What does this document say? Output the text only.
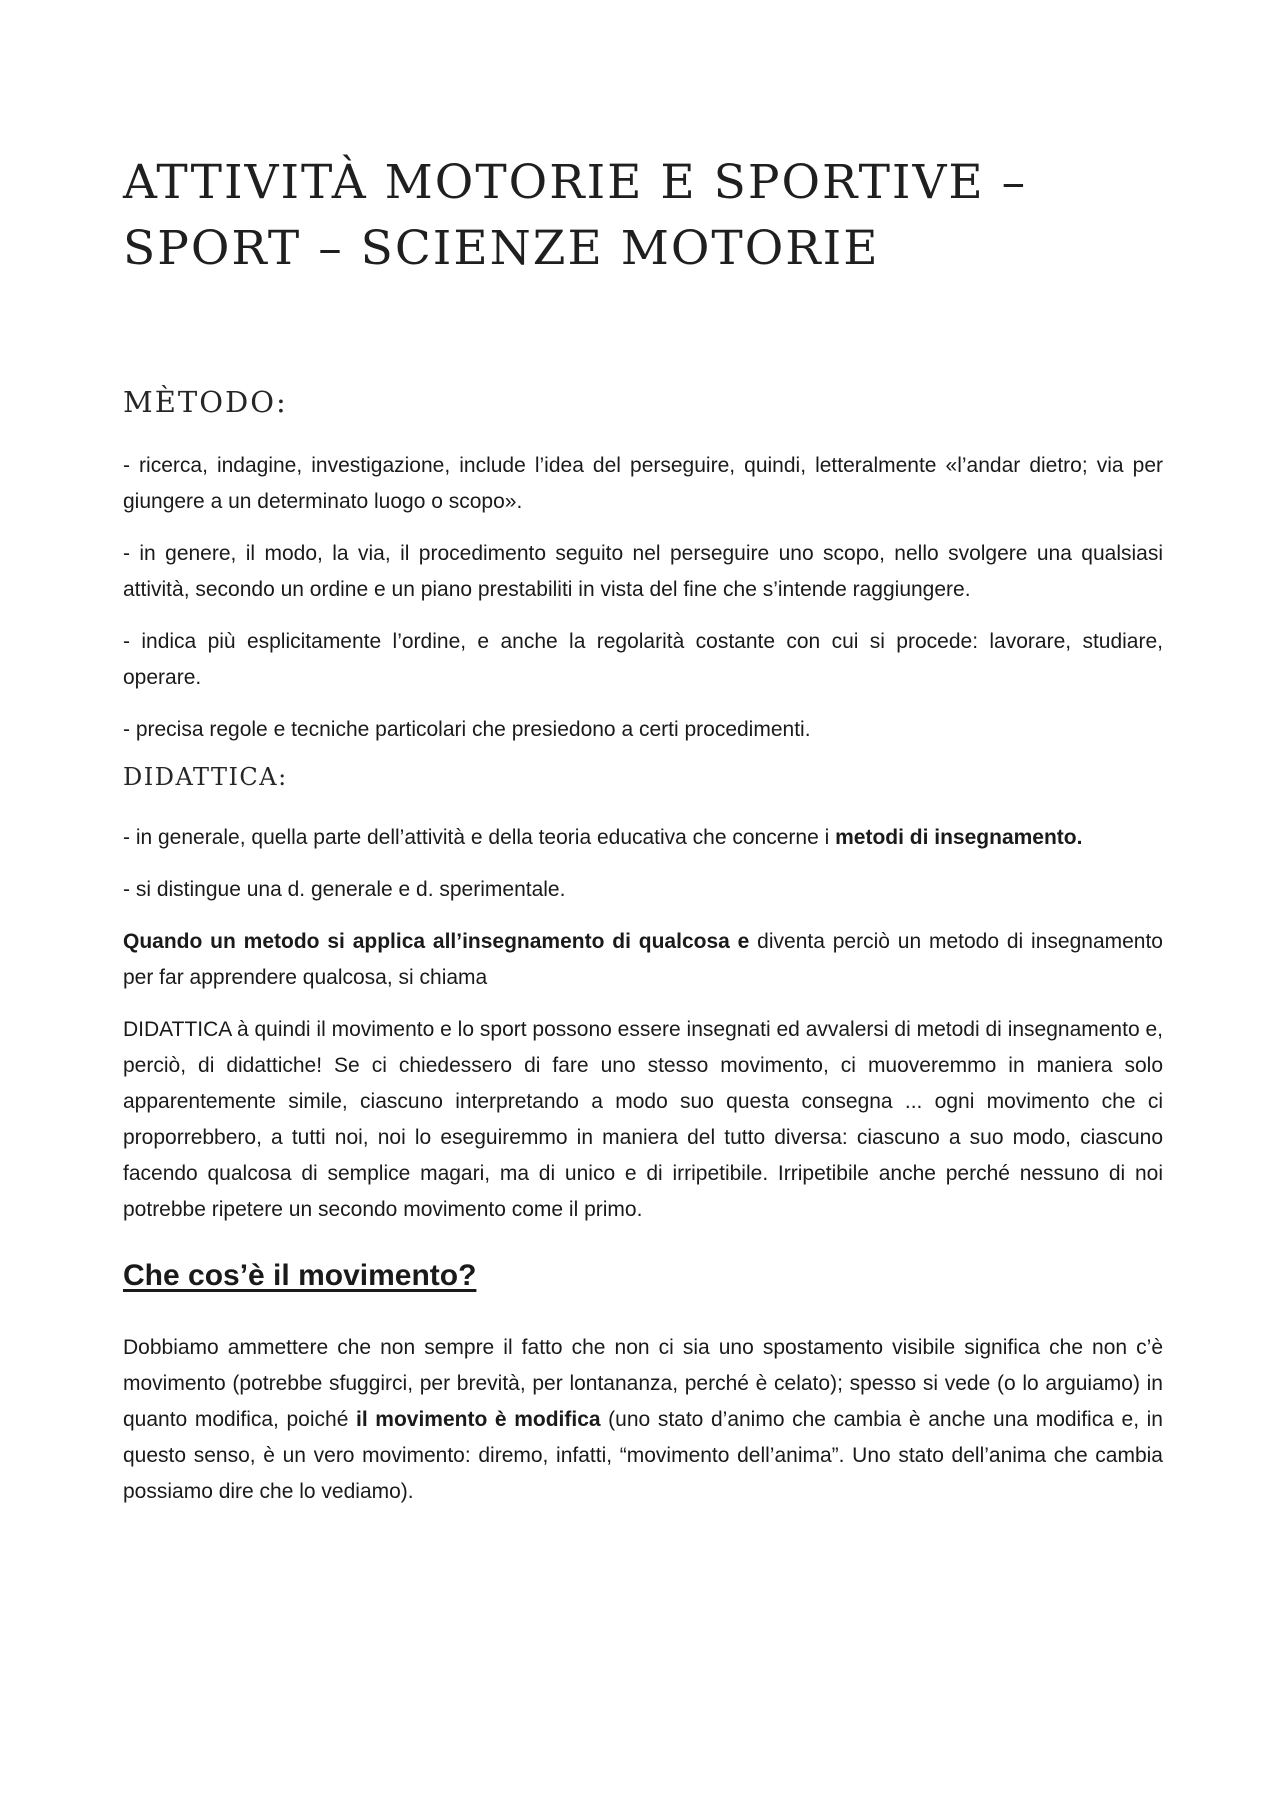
ATTIVITÀ MOTORIE E SPORTIVE –
SPORT – SCIENZE MOTORIE
MÈTODO:

- ricerca, indagine, investigazione, include l’idea del perseguire, quindi, letteralmente «l’andar dietro; via per giungere a un determinato luogo o scopo».

- in genere, il modo, la via, il procedimento seguito nel perseguire uno scopo, nello svolgere una qualsiasi attività, secondo un ordine e un piano prestabiliti in vista del fine che s’intende raggiungere.

- indica più esplicitamente l’ordine, e anche la regolarità costante con cui si procede: lavorare, studiare, operare.

- precisa regole e tecniche particolari che presiedono a certi procedimenti.

DIDATTICA:

- in generale, quella parte dell’attività e della teoria educativa che concerne i metodi di insegnamento.

- si distingue una d. generale e d. sperimentale.

Quando un metodo si applica all’insegnamento di qualcosa e diventa perciò un metodo di insegnamento per far apprendere qualcosa, si chiama

DIDATTICA à quindi il movimento e lo sport possono essere insegnati ed avvalersi di metodi di insegnamento e, perciò, di didattiche! Se ci chiedessero di fare uno stesso movimento, ci muoveremmo in maniera solo apparentemente simile, ciascuno interpretando a modo suo questa consegna ... ogni movimento che ci proporrebbero, a tutti noi, noi lo eseguiremmo in maniera del tutto diversa: ciascuno a suo modo, ciascuno facendo qualcosa di semplice magari, ma di unico e di irripetibile. Irripetibile anche perché nessuno di noi potrebbe ripetere un secondo movimento come il primo.

Che cos’è il movimento?

Dobbiamo ammettere che non sempre il fatto che non ci sia uno spostamento visibile significa che non c’è movimento (potrebbe sfuggirci, per brevità, per lontananza, perché è celato); spesso si vede (o lo arguiamo) in quanto modifica, poiché il movimento è modifica (uno stato d’animo che cambia è anche una modifica e, in questo senso, è un vero movimento: diremo, infatti, “movimento dell’anima”. Uno stato dell’anima che cambia possiamo dire che lo vediamo).
